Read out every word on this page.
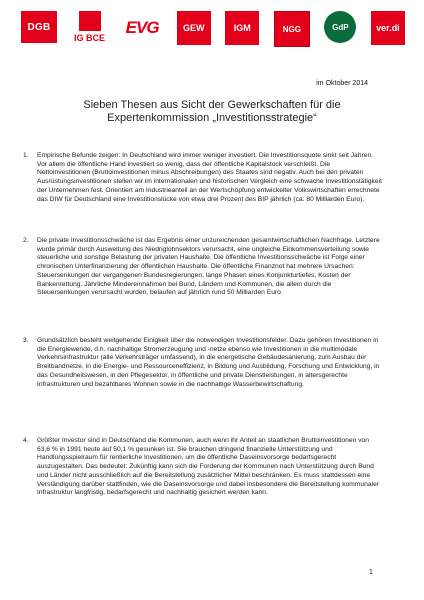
DGB
IG BCE
EVG	GEW	IGM	NGG	GdP	ver.di
im Oktober 2014
Sieben Thesen aus Sicht der Gewerkschaften für die
Expertenkommission „Investitionsstrategie“
1. Empirische Befunde zeigen: In Deutschland wird immer weniger investiert. Die Investitionsquote sinkt seit Jahren. Vor allem die öffentliche Hand investiert so wenig, dass der öffentliche Kapitalstock verschleißt. Die Nettoinvestitionen (Bruttoinvestitionen minus Abschreibungen) des Staates sind negativ. Auch bei den privaten Ausrüstungsinvestitionen stellen wir im internationalen und historischen Vergleich eine schwache Investitionstätigkeit der Unternehmen fest. Orientiert am Industrieanteil an der Wertschöpfung entwickelter Volkswirtschaften errechnete das DIW für Deutschland eine Investitionslücke von etwa drei Prozent des BIP jährlich (ca. 80 Milliarden Euro).

2. Die private Investitionsschwäche ist das Ergebnis einer unzureichenden gesamtwirtschaftlichen Nachfrage. Letztere wurde primär durch Ausweitung des Niedriglohnsektors verursacht, eine ungleiche Einkommensverteilung sowie steuerliche und sonstige Belastung der privaten Haushalte. Die öffentliche Investitionsschwäche ist Folge einer chronischen Unterfinanzierung der öffentlichen Haushalte. Die öffentliche Finanznot hat mehrere Ursachen: Steuersenkungen der vergangenen Bundesregierungen, lange Phasen eines Konjunkturtiefes, Kosten der Bankenrettung. Jährliche Mindereinnahmen bei Bund, Ländern und Kommunen, die allein durch die Steuersenkungen verursacht wurden, belaufen auf jährlich rund 50 Milliarden Euro.

3. Grundsätzlich besteht weitgehende Einigkeit über die notwendigen Investitionsfelder. Dazu gehören Investitionen in die Energiewende, d.h. nachhaltige Stromerzeugung und -netze ebenso wie Investitionen in die multimodale Verkehrsinfrastruktur (alle Verkehrsträger umfassend), in die energetische Gebäudesanierung, zum Ausbau der Breitbandnetze, in die Energie- und Ressourceneffizienz, in Bildung und Ausbildung, Forschung und Entwicklung, in das Gesundheitswesen, in den Pflegesektor, in öffentliche und private Dienstleistungen, in altersgerechte Infrastrukturen und bezahlbares Wohnen sowie in die nachhaltige Wasserbewirtschaftung.

4. Größter Investor sind in Deutschland die Kommunen, auch wenn ihr Anteil an staatlichen Bruttoinvestitionen von 63,6 % in 1991 heute auf 50,1 % gesunken ist. Sie brauchen dringend finanzielle Unterstützung und Handlungsspielraum für rentierliche Investitionen, um die öffentliche Daseinsvorsorge bedarfsgerecht auszugestalten. Das bedeutet: Zukünftig kann sich die Forderung der Kommunen nach Unterstützung durch Bund und Länder nicht ausschließlich auf die Bereitstellung zusätzlicher Mittel beschränken. Es muss stattdessen eine Verständigung darüber stattfinden, wie die Daseinsvorsorge und dabei insbesondere die Bereitstellung kommunaler Infrastruktur langfristig, bedarfsgerecht und nachhaltig gesichert werden kann.

1
